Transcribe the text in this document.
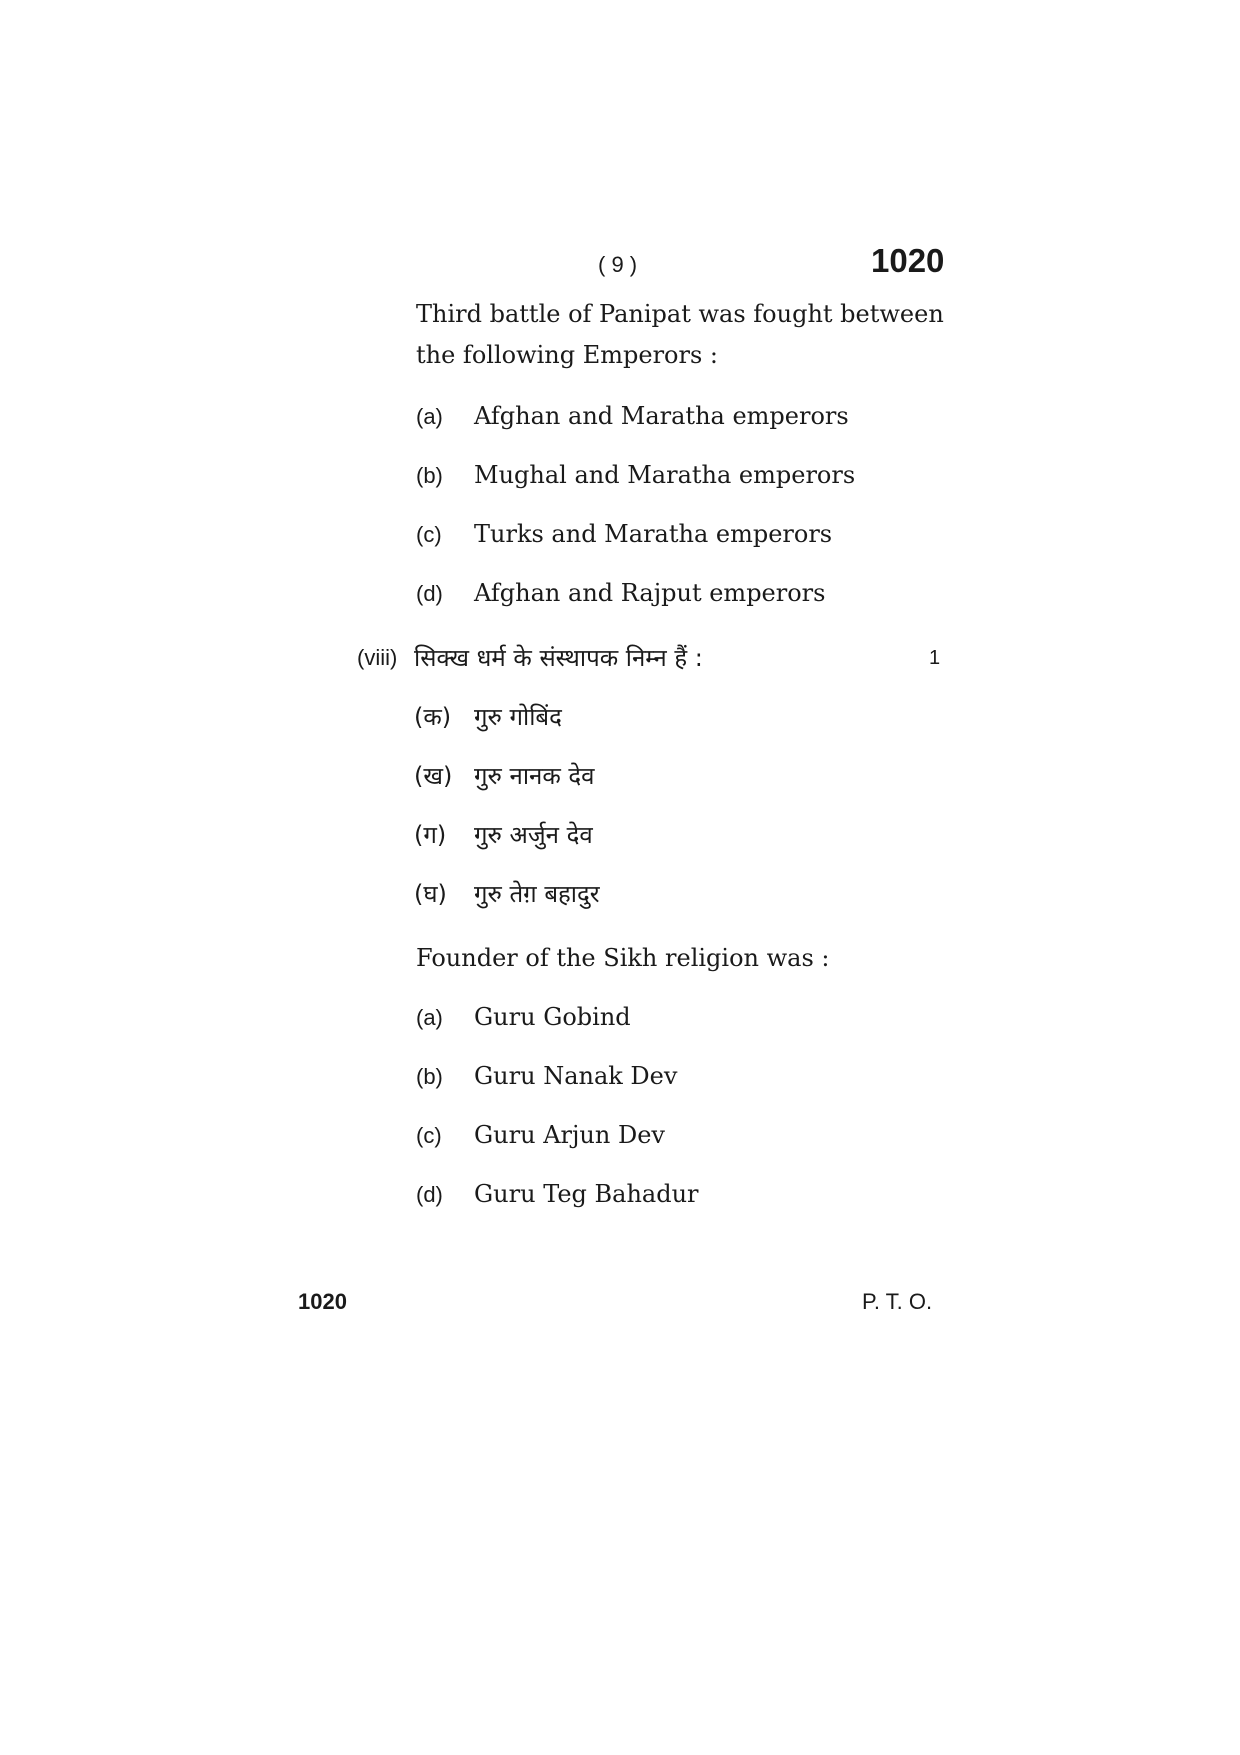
( 9 )	1020
Third battle of Panipat was fought between
the following Emperors :
(a) Afghan and Maratha emperors
(b) Mughal and Maratha emperors
(c) Turks and Maratha emperors
(d) Afghan and Rajput emperors
(viii) सिक्ख धर्म के संस्थापक निम्न हैं :	1
(क) गुरु गोबिंद
(ख) गुरु नानक देव
(ग) गुरु अर्जुन देव
(घ) गुरु तेग़ बहादुर
Founder of the Sikh religion was :
(a) Guru Gobind
(b) Guru Nanak Dev
(c) Guru Arjun Dev
(d) Guru Teg Bahadur
1020	P. T. O.
